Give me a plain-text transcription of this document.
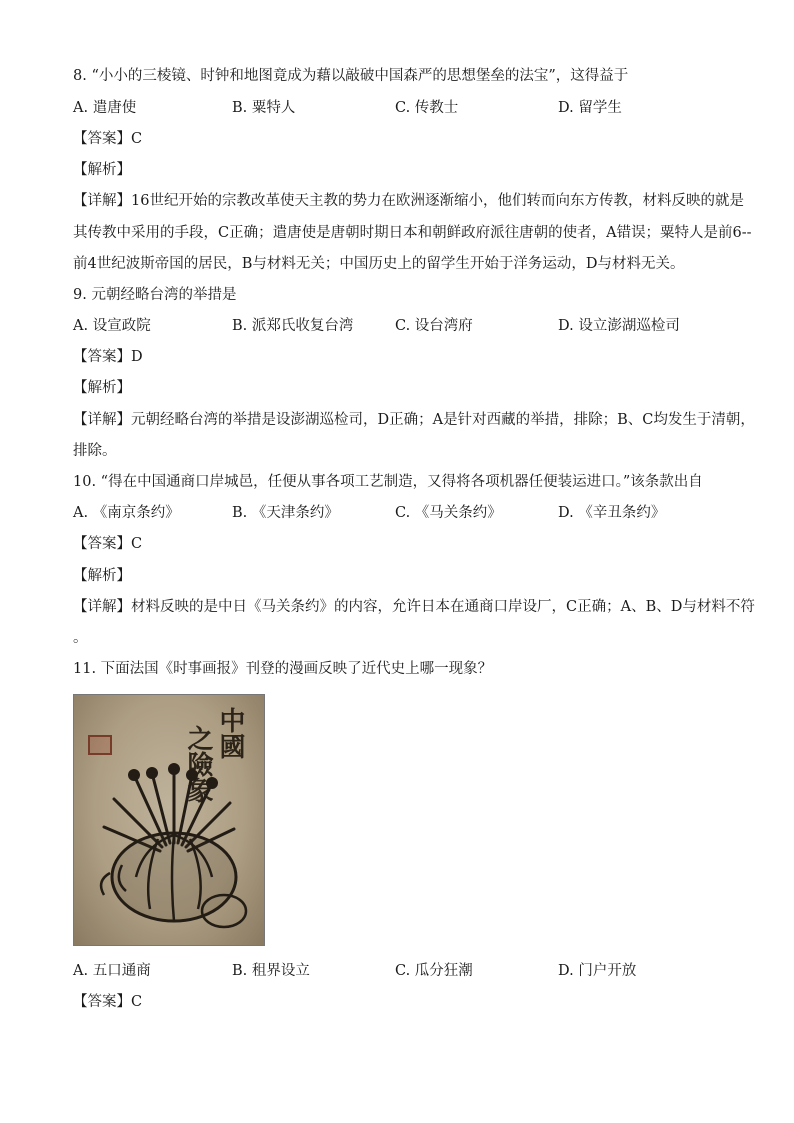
8. “小小的三棱镜、时钟和地图竟成为藉以敲破中国森严的思想堡垒的法宝”，这得益于
A. 遣唐使	B. 粟特人	C. 传教士	D. 留学生
【答案】C
【解析】
【详解】16世纪开始的宗教改革使天主教的势力在欧洲逐渐缩小，他们转而向东方传教，材料反映的就是
其传教中采用的手段，C正确；遣唐使是唐朝时期日本和朝鲜政府派往唐朝的使者，A错误；粟特人是前6--
前4世纪波斯帝国的居民，B与材料无关；中国历史上的留学生开始于洋务运动，D与材料无关。
9. 元朝经略台湾的举措是
A. 设宣政院	B. 派郑氏收复台湾	C. 设台湾府	D. 设立澎湖巡检司
【答案】D
【解析】
【详解】元朝经略台湾的举措是设澎湖巡检司，D正确；A是针对西藏的举措，排除；B、C均发生于清朝，
排除。
10. “得在中国通商口岸城邑，任便从事各项工艺制造，又得将各项机器任便装运进口。”该条款出自
A. 《南京条约》	B. 《天津条约》	C. 《马关条约》	D. 《辛丑条约》
【答案】C
【解析】
【详解】材料反映的是中日《马关条约》的内容，允许日本在通商口岸设厂，C正确；A、B、D与材料不符
。
11. 下面法国《时事画报》刊登的漫画反映了近代史上哪一现象？
A. 五口通商	B. 租界设立	C. 瓜分狂潮	D. 门户开放
【答案】C
